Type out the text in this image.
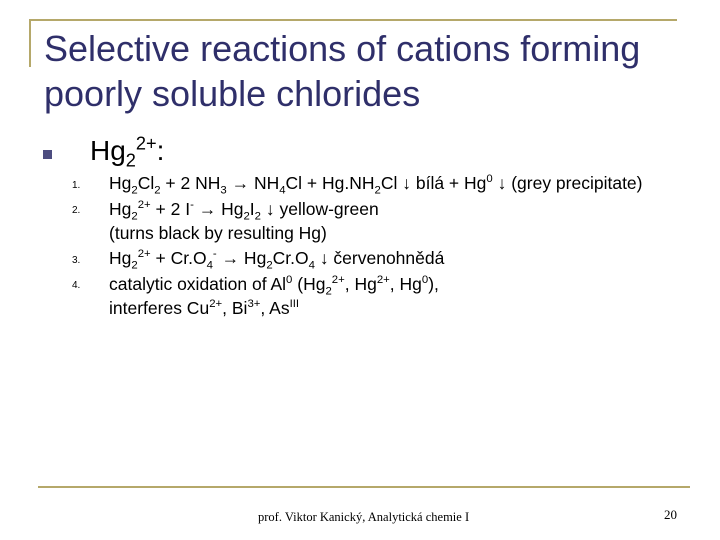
Selective reactions of cations forming
poorly soluble chlorides
$Hg_2^{2+}$:
1. $Hg_2Cl_2 + 2$ $NH_3 \to NH_4Cl + Hg.NH_2Cl$ ↓ bílá + $Hg^0$ ↓ (grey precipitate)
2. $Hg_2^{2+} + 2$ $I^- \to Hg_2I_2$ ↓ yellow-green
(turns black by resulting Hg)
3. $Hg_2^{2+} + Cr.O_4^- \to Hg_2Cr.O_4$ ↓ červenohnědá
4. catalytic oxidation of Al$^0$ ($Hg_2^{2+}$, $Hg^{2+}$, Hg$^0$),
interferes $Cu^{2+}$, $Bi^{3+}$, $As^{III}$
prof. Viktor Kanický, Analytická chemie I	20
